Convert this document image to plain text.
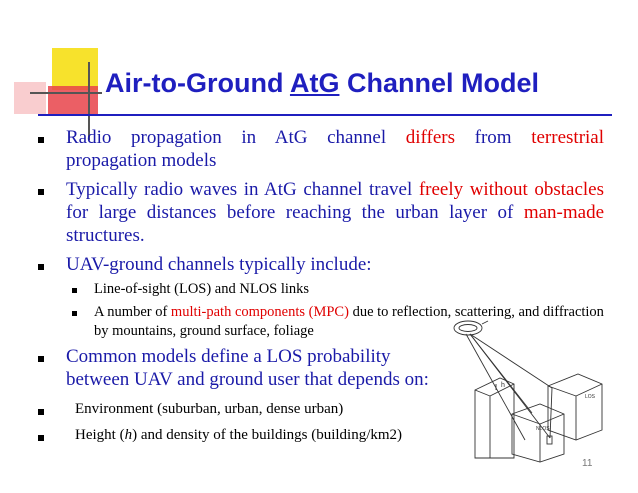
Air-to-Ground AtG Channel Model
Radio propagation in AtG channel differs from terrestrial
propagation models
Typically radio waves in AtG channel travel freely without obstacles for large distances before reaching the urban layer of man-made structures.
UAV-ground channels typically include:
Line-of-sight (LOS) and NLOS links
A number of multi-path components (MPC) due to reflection, scattering, and diffraction by mountains, ground surface, foliage
Common models define a LOS probability between UAV and ground user that depends on:
Environment (suburban, urban, dense urban)
Height (h) and density of the buildings (building/km2)
h
LOS
NLOS
11
